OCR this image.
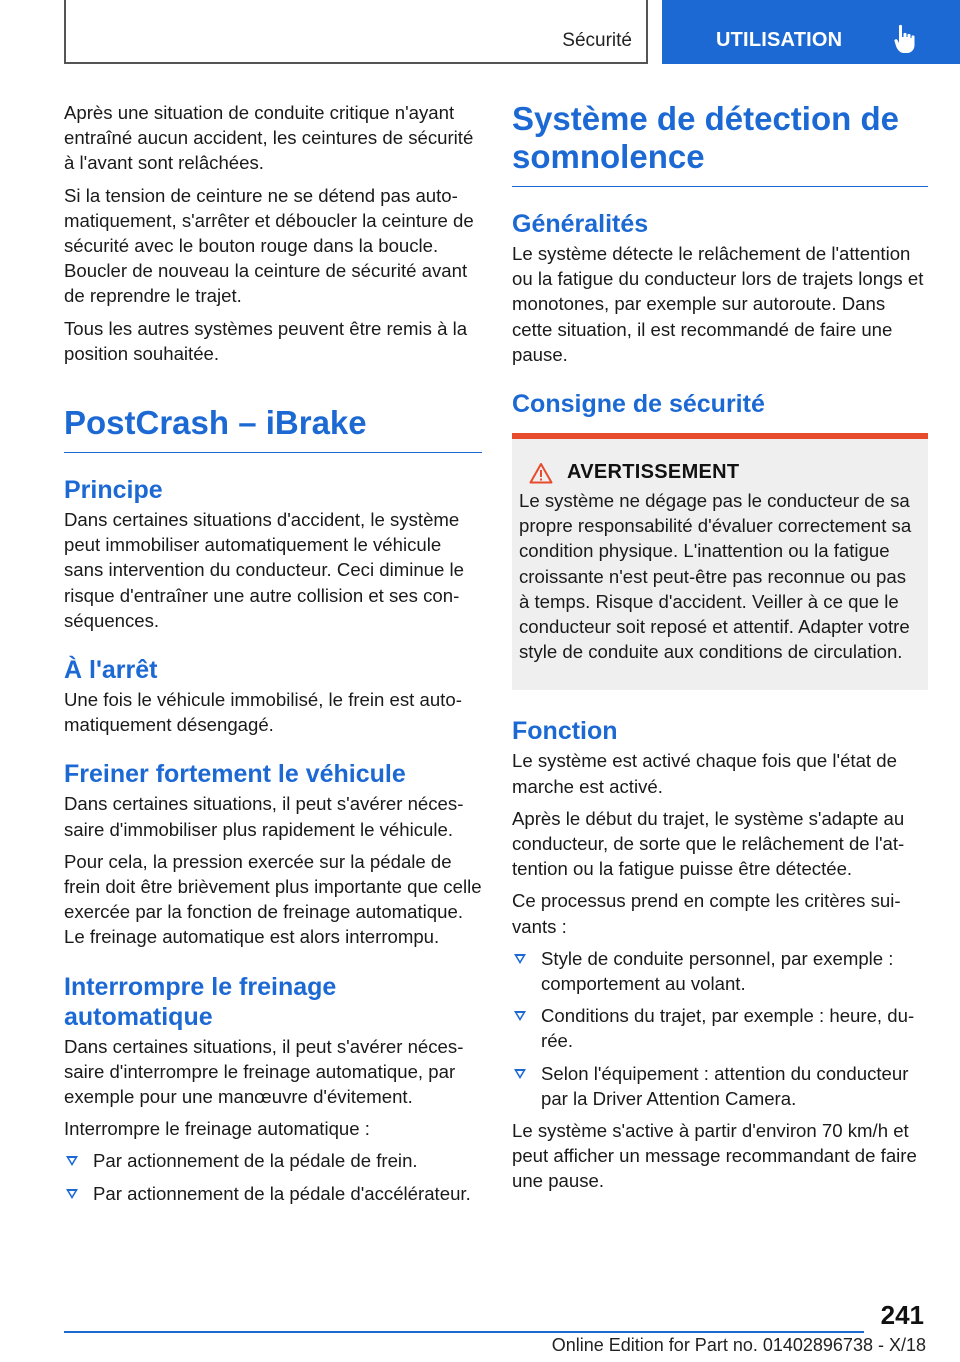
Sécurité	UTILISATION

Après une situation de conduite critique n'ayant entraîné aucun accident, les ceintures de sécurité à l'avant sont relâchées.

Si la tension de ceinture ne se détend pas automatiquement, s'arrêter et déboucler la ceinture de sécurité avec le bouton rouge dans la boucle. Boucler de nouveau la ceinture de sécurité avant de reprendre le trajet.

Tous les autres systèmes peuvent être remis à la position souhaitée.

PostCrash – iBrake
Principe

Dans certaines situations d'accident, le système peut immobiliser automatiquement le véhicule sans intervention du conducteur. Ceci diminue le risque d'entraîner une autre collision et ses conséquences.

À l'arrêt

Une fois le véhicule immobilisé, le frein est automatiquement désengagé.

Freiner fortement le véhicule

Dans certaines situations, il peut s'avérer nécessaire d'immobiliser plus rapidement le véhicule.

Pour cela, la pression exercée sur la pédale de frein doit être brièvement plus importante que celle exercée par la fonction de freinage automatique. Le freinage automatique est alors interrompu.

Interrompre le freinage automatique

Dans certaines situations, il peut s'avérer nécessaire d'interrompre le freinage automatique, par exemple pour une manœuvre d'évitement.

Interrompre le freinage automatique :

Par actionnement de la pédale de frein.
Par actionnement de la pédale d'accélérateur.
Système de détection de somnolence
Généralités

Le système détecte le relâchement de l'attention ou la fatigue du conducteur lors de trajets longs et monotones, par exemple sur autoroute. Dans cette situation, il est recommandé de faire une pause.

Consigne de sécurité
AVERTISSEMENT

Le système ne dégage pas le conducteur de sa propre responsabilité d'évaluer correctement sa condition physique. L'inattention ou la fatigue croissante n'est peut-être pas reconnue ou pas à temps. Risque d'accident. Veiller à ce que le conducteur soit reposé et attentif. Adapter votre style de conduite aux conditions de circulation.

Fonction

Le système est activé chaque fois que l'état de marche est activé.

Après le début du trajet, le système s'adapte au conducteur, de sorte que le relâchement de l'attention ou la fatigue puisse être détectée.

Ce processus prend en compte les critères suivants :

Style de conduite personnel, par exemple : comportement au volant.
Conditions du trajet, par exemple : heure, durée.
Selon l'équipement : attention du conducteur par la Driver Attention Camera.

Le système s'active à partir d'environ 70 km/h et peut afficher un message recommandant de faire une pause.

241
Online Edition for Part no. 01402896738 - X/18
